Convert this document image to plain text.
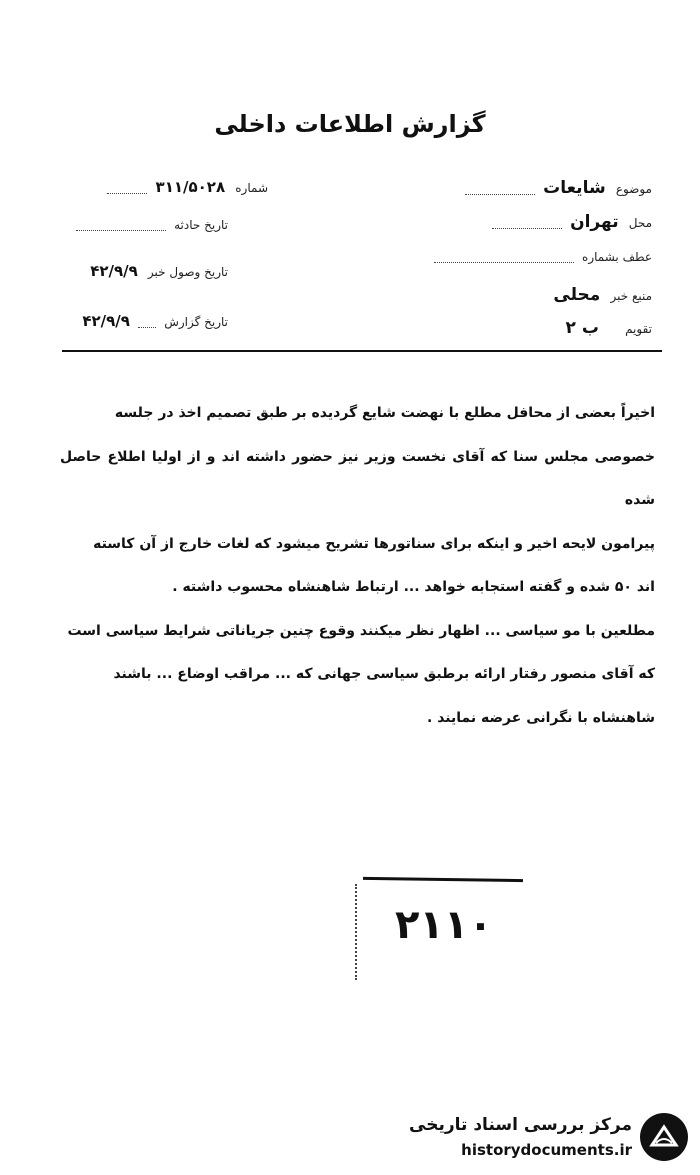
گزارش اطلاعات داخلی
موضوع شایعات
محل تهران
عطف بشماره
منبع خبر محلی
تقویم ب ۲
شماره ۳۱۱/۵۰۲۸
تاریخ حادثه
تاریخ وصول خبر ۴۲/۹/۹
تاریخ گزارش  ۴۲/۹/۹

اخیراً بعضی از محافل مطلع با نهضت شایع گردیده بر طبق تصمیم اخذ در جلسه

خصوصی مجلس سنا که آقای نخست وزیر نیز حضور داشته اند و از اولیا اطلاع حاصل شده

پیرامون لایحه اخیر و اینکه برای سناتورها تشریح میشود که لغات خارج از آن کاسته

اند ۵۰ شده و گفته استجابه خواهد ... ارتباط شاهنشاه محسوب داشته .

مطلعین با مو سیاسی ... اظهار نظر میکنند وقوع چنین جریاناتی شرایط سیاسی است

که آقای منصور رفتار ارائه برطبق سیاسی جهانی که ... مراقب اوضاع ... باشند

شاهنشاه با نگرانی عرضه نمایند .

۲۱۱۰
مرکز بررسی اسناد تاریخی
historydocuments.ir
